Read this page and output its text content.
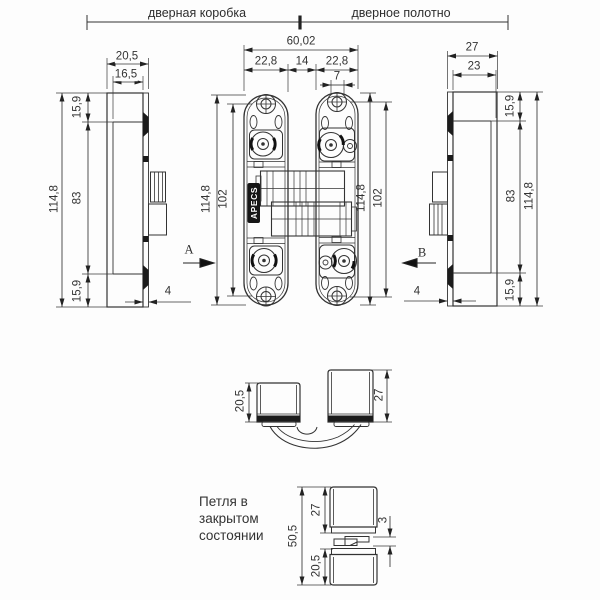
дверная коробка	дверное полотно
20,5
16,5
114,8
15,9
83
15,9	4
A	B
60,02
22,8 14 22,8
7
114,8 102	114,8 102
27
23
15,9
83 114,8
15,9
4
20,5	27
50,5
27
20,5
3
Петля в
закрытом
состоянии
APECS
